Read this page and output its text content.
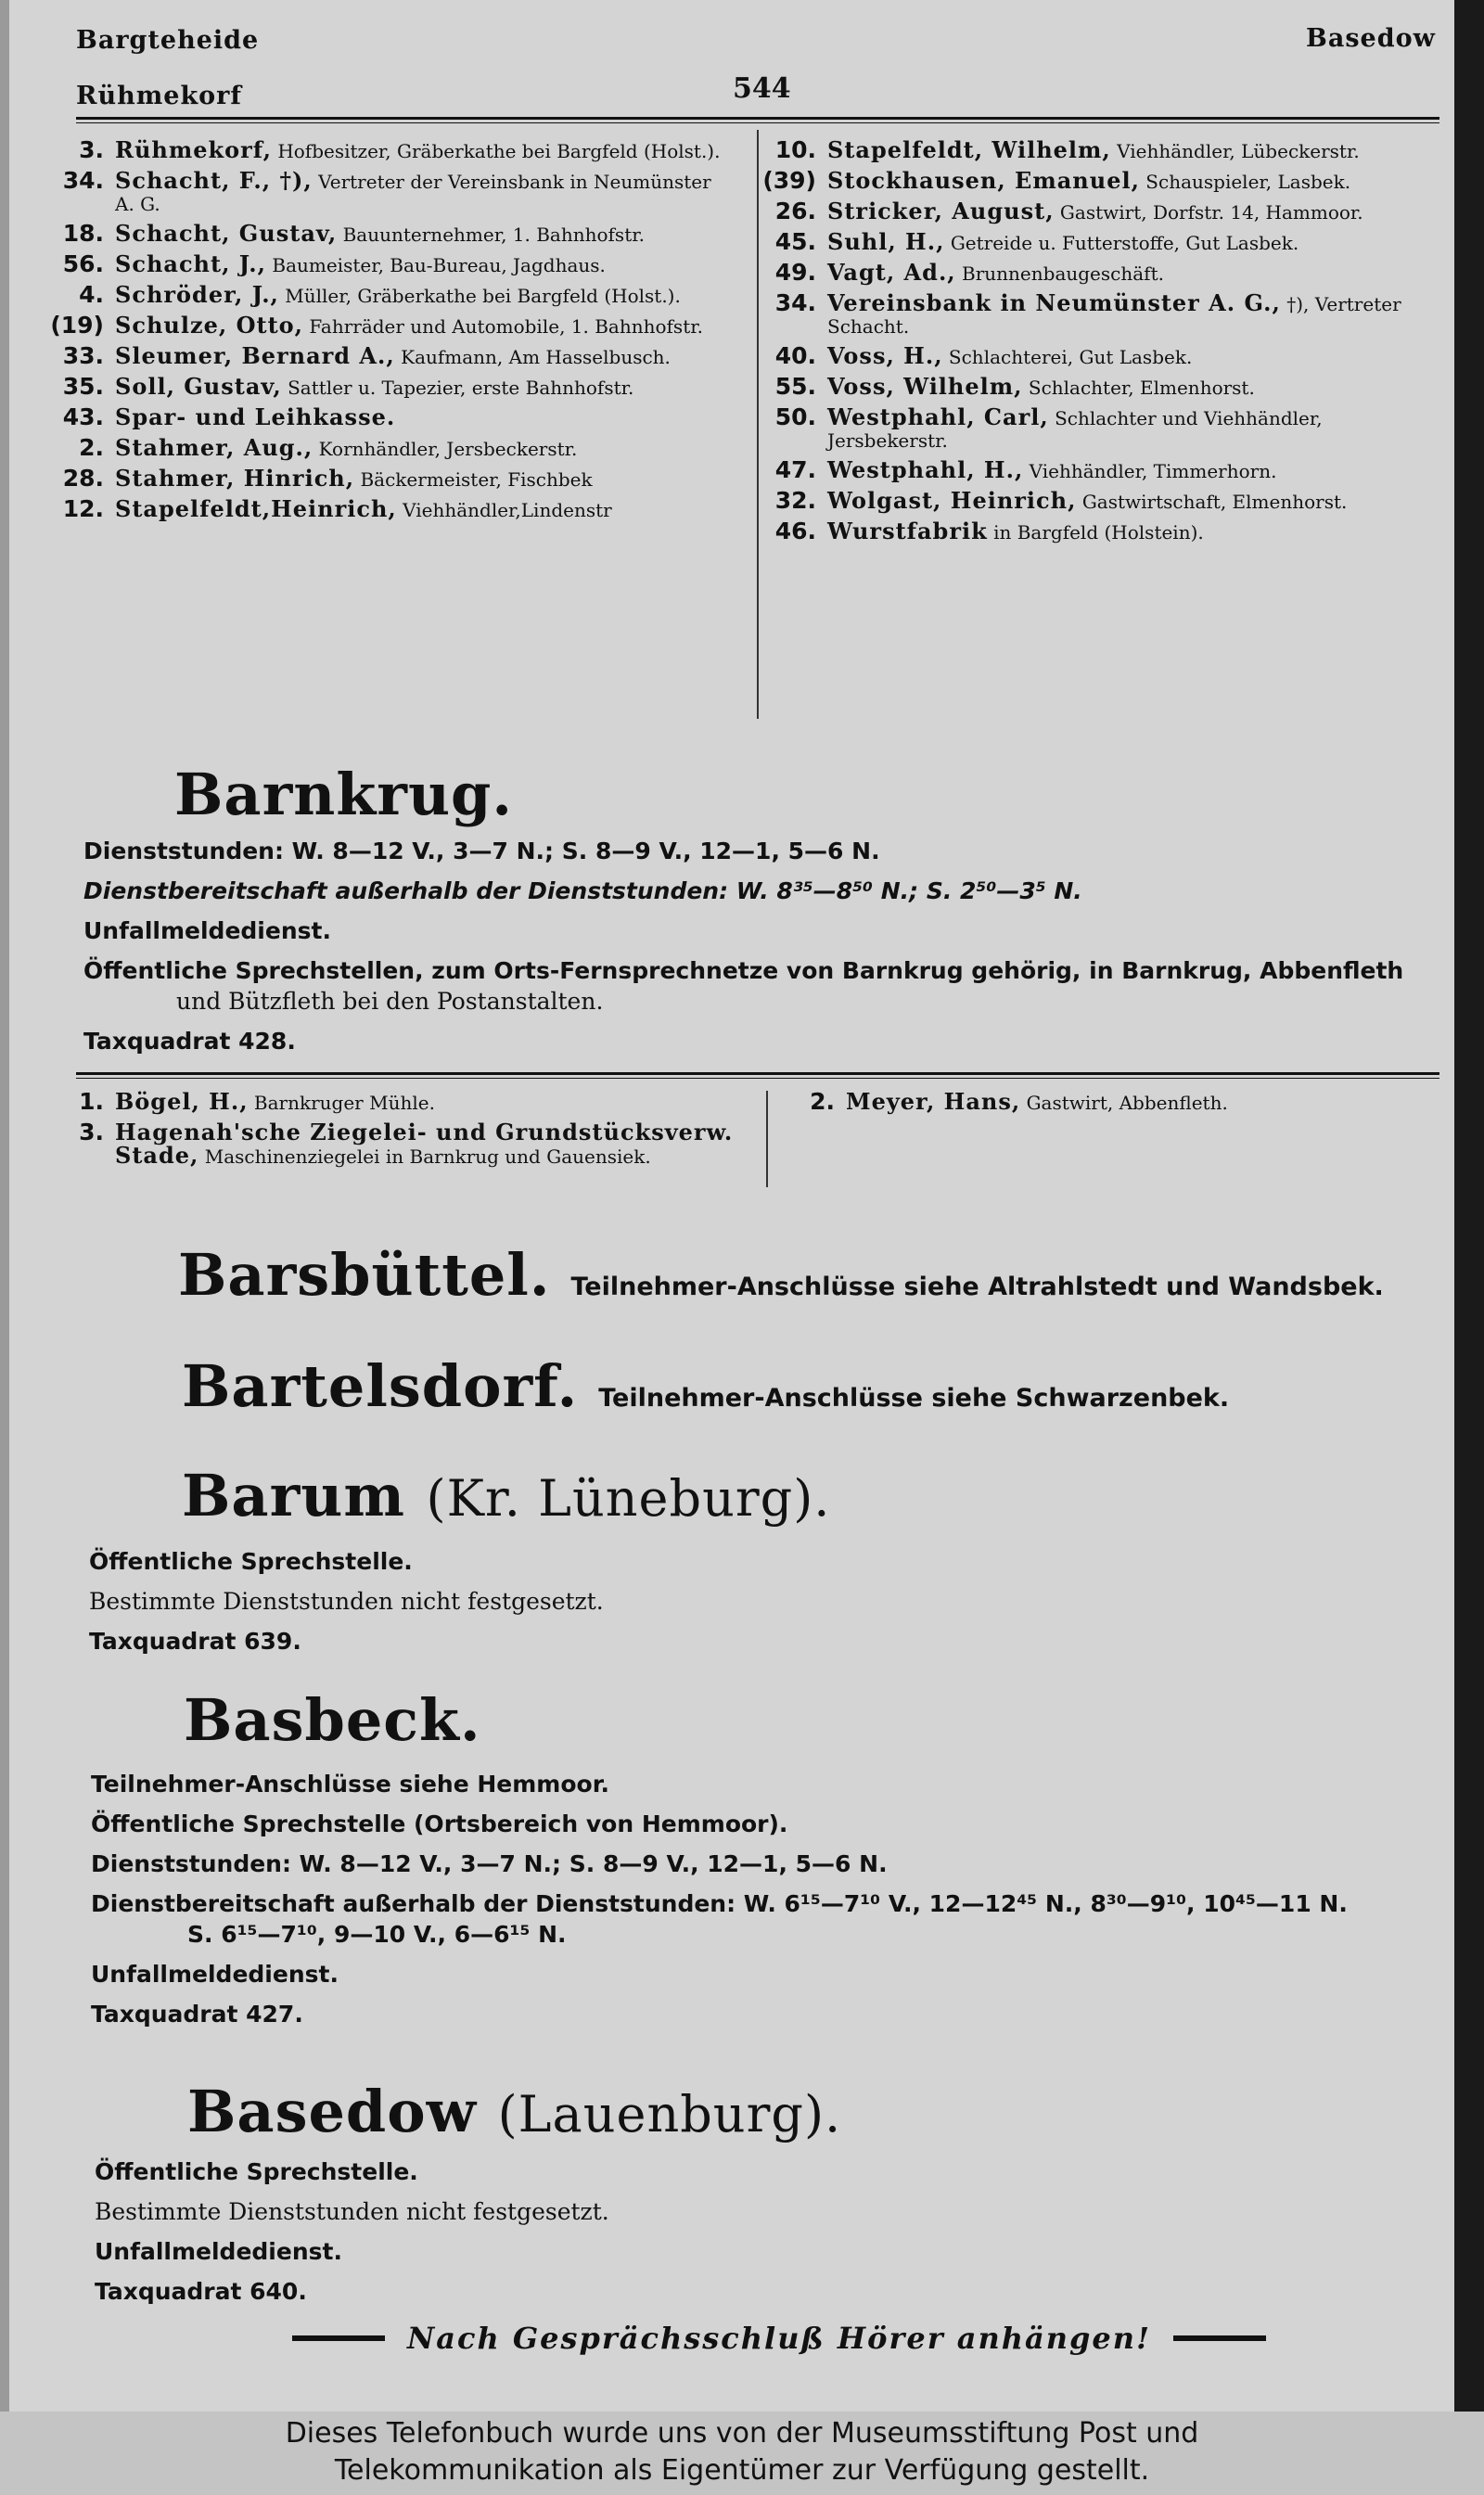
Bargteheide
Rühmekorf	544
Basedow
3. Rühmekorf, Hofbesitzer, Gräberkathe bei Bargfeld (Holst.).
34. Schacht, F., †), Vertreter der Vereinsbank in Neumünster A. G.
18. Schacht, Gustav, Bauunternehmer, 1. Bahnhofstr.
56. Schacht, J., Baumeister, Bau-Bureau, Jagdhaus.
4. Schröder, J., Müller, Gräberkathe bei Bargfeld (Holst.).
(19) Schulze, Otto, Fahrräder und Automobile, 1. Bahnhofstr.
33. Sleumer, Bernard A., Kaufmann, Am Hasselbusch.
35. Soll, Gustav, Sattler u. Tapezier, erste Bahnhofstr.
43. Spar- und Leihkasse.
2. Stahmer, Aug., Kornhändler, Jersbeckerstr.
28. Stahmer, Hinrich, Bäckermeister, Fischbek
12. Stapelfeldt,Heinrich, Viehhändler,Lindenstr
10. Stapelfeldt, Wilhelm, Viehhändler, Lübeckerstr.
(39) Stockhausen, Emanuel, Schauspieler, Lasbek.
26. Stricker, August, Gastwirt, Dorfstr. 14, Hammoor.
45. Suhl, H., Getreide u. Futterstoffe, Gut Lasbek.
49. Vagt, Ad., Brunnenbaugeschäft.
34. Vereinsbank in Neumünster A. G., †), Vertreter Schacht.
40. Voss, H., Schlachterei, Gut Lasbek.
55. Voss, Wilhelm, Schlachter, Elmenhorst.
50. Westphahl, Carl, Schlachter und Viehhändler, Jersbekerstr.
47. Westphahl, H., Viehhändler, Timmerhorn.
32. Wolgast, Heinrich, Gastwirtschaft, Elmenhorst.
46. Wurstfabrik in Bargfeld (Holstein).
Barnkrug.
Dienststunden: W. 8—12 V., 3—7 N.; S. 8—9 V., 12—1, 5—6 N.
Dienstbereitschaft außerhalb der Dienststunden: W. 8³⁵—8⁵⁰ N.; S. 2⁵⁰—3⁵ N.
Unfallmeldedienst.
Öffentliche Sprechstellen, zum Orts-Fernsprechnetze von Barnkrug gehörig, in Barnkrug, Abbenfleth
und Bützfleth bei den Postanstalten.
Taxquadrat 428.
1. Bögel, H., Barnkruger Mühle.
3. Hagenah'sche Ziegelei- und Grundstücksverw. Stade, Maschinenziegelei in Barnkrug und Gauensiek.
2. Meyer, Hans, Gastwirt, Abbenfleth.
Barsbüttel. Teilnehmer-Anschlüsse siehe Altrahlstedt und Wandsbek.
Bartelsdorf. Teilnehmer-Anschlüsse siehe Schwarzenbek.
Barum (Kr. Lüneburg).
Öffentliche Sprechstelle.
Bestimmte Dienststunden nicht festgesetzt.
Taxquadrat 639.
Basbeck.
Teilnehmer-Anschlüsse siehe Hemmoor.
Öffentliche Sprechstelle (Ortsbereich von Hemmoor).
Dienststunden: W. 8—12 V., 3—7 N.; S. 8—9 V., 12—1, 5—6 N.
Dienstbereitschaft außerhalb der Dienststunden: W. 6¹⁵—7¹⁰ V., 12—12⁴⁵ N., 8³⁰—9¹⁰, 10⁴⁵—11 N.
S. 6¹⁵—7¹⁰, 9—10 V., 6—6¹⁵ N.
Unfallmeldedienst.
Taxquadrat 427.
Basedow (Lauenburg).
Öffentliche Sprechstelle.
Bestimmte Dienststunden nicht festgesetzt.
Unfallmeldedienst.
Taxquadrat 640.
Nach Gesprächsschluß Hörer anhängen!
Dieses Telefonbuch wurde uns von der Museumsstiftung Post und
Telekommunikation als Eigentümer zur Verfügung gestellt.
